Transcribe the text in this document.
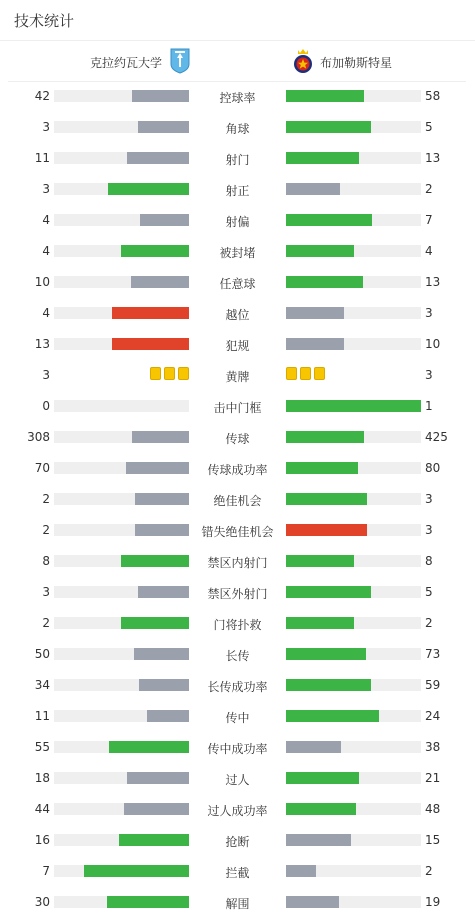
技术统计
克拉约瓦大学	布加勒斯特星
42	控球率	58
3	角球	5
11	射门	13
3	射正	2
4	射偏	7
4	被封堵	4
10	任意球	13
4	越位	3
13	犯规	10
3	黄牌	3
0	击中门框	1
308	传球	425
70	传球成功率	80
2	绝佳机会	3
2	错失绝佳机会	3
8	禁区内射门	8
3	禁区外射门	5
2	门将扑救	2
50	长传	73
34	长传成功率	59
11	传中	24
55	传中成功率	38
18	过人	21
44	过人成功率	48
16	抢断	15
7	拦截	2
30	解围	19
